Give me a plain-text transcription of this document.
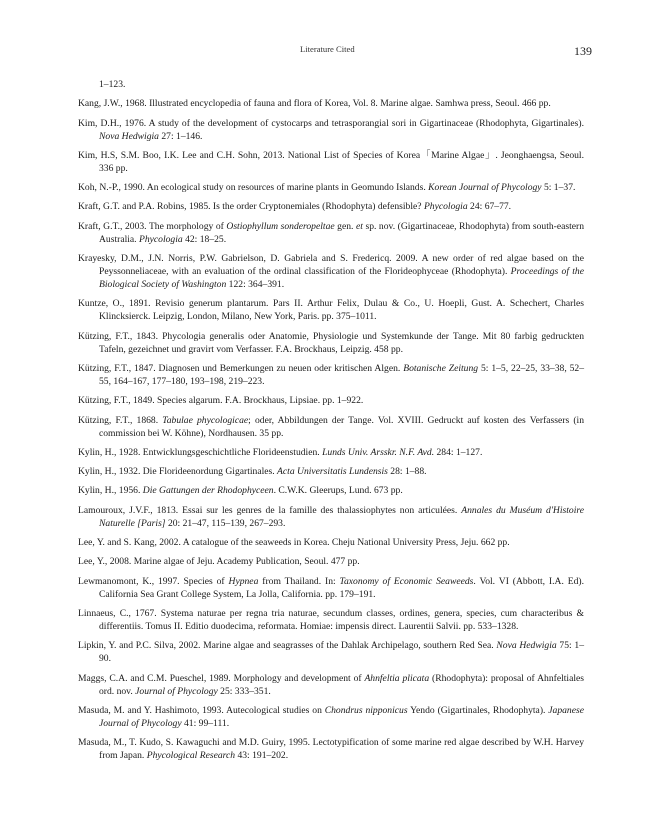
Literature Cited	139
1–123.
Kang, J.W., 1968. Illustrated encyclopedia of fauna and flora of Korea, Vol. 8. Marine algae. Samhwa press, Seoul. 466 pp.
Kim, D.H., 1976. A study of the development of cystocarps and tetrasporangial sori in Gigartinaceae (Rhodophyta, Gigartinales). Nova Hedwigia 27: 1–146.
Kim, H.S, S.M. Boo, I.K. Lee and C.H. Sohn, 2013. National List of Species of Korea「Marine Algae」. Jeonghaengsa, Seoul. 336 pp.
Koh, N.-P., 1990. An ecological study on resources of marine plants in Geomundo Islands. Korean Journal of Phycology 5: 1–37.
Kraft, G.T. and P.A. Robins, 1985. Is the order Cryptonemiales (Rhodophyta) defensible? Phycologia 24: 67–77.
Kraft, G.T., 2003. The morphology of Ostiophyllum sonderopeltae gen. et sp. nov. (Gigartinaceae, Rhodophyta) from south-eastern Australia. Phycologia 42: 18–25.
Krayesky, D.M., J.N. Norris, P.W. Gabrielson, D. Gabriela and S. Fredericq. 2009. A new order of red algae based on the Peyssonneliaceae, with an evaluation of the ordinal classification of the Florideophyceae (Rhodophyta). Proceedings of the Biological Society of Washington 122: 364–391.
Kuntze, O., 1891. Revisio generum plantarum. Pars II. Arthur Felix, Dulau & Co., U. Hoepli, Gust. A. Schechert, Charles Klincksierck. Leipzig, London, Milano, New York, Paris. pp. 375–1011.
Kützing, F.T., 1843. Phycologia generalis oder Anatomie, Physiologie und Systemkunde der Tange. Mit 80 farbig gedruckten Tafeln, gezeichnet und gravirt vom Verfasser. F.A. Brockhaus, Leipzig. 458 pp.
Kützing, F.T., 1847. Diagnosen und Bemerkungen zu neuen oder kritischen Algen. Botanische Zeitung 5: 1–5, 22–25, 33–38, 52–55, 164–167, 177–180, 193–198, 219–223.
Kützing, F.T., 1849. Species algarum. F.A. Brockhaus, Lipsiae. pp. 1–922.
Kützing, F.T., 1868. Tabulae phycologicae; oder, Abbildungen der Tange. Vol. XVIII. Gedruckt auf kosten des Verfassers (in commission bei W. Köhne), Nordhausen. 35 pp.
Kylin, H., 1928. Entwicklungsgeschichtliche Florideenstudien. Lunds Univ. Arsskr. N.F. Avd. 284: 1–127.
Kylin, H., 1932. Die Florideenordung Gigartinales. Acta Universitatis Lundensis 28: 1–88.
Kylin, H., 1956. Die Gattungen der Rhodophyceen. C.W.K. Gleerups, Lund. 673 pp.
Lamouroux, J.V.F., 1813. Essai sur les genres de la famille des thalassiophytes non articulées. Annales du Muséum d'Histoire Naturelle [Paris] 20: 21–47, 115–139, 267–293.
Lee, Y. and S. Kang, 2002. A catalogue of the seaweeds in Korea. Cheju National University Press, Jeju. 662 pp.
Lee, Y., 2008. Marine algae of Jeju. Academy Publication, Seoul. 477 pp.
Lewmanomont, K., 1997. Species of Hypnea from Thailand. In: Taxonomy of Economic Seaweeds. Vol. VI (Abbott, I.A. Ed). California Sea Grant College System, La Jolla, California. pp. 179–191.
Linnaeus, C., 1767. Systema naturae per regna tria naturae, secundum classes, ordines, genera, species, cum characteribus & differentiis. Tomus II. Editio duodecima, reformata. Homiae: impensis direct. Laurentii Salvii. pp. 533–1328.
Lipkin, Y. and P.C. Silva, 2002. Marine algae and seagrasses of the Dahlak Archipelago, southern Red Sea. Nova Hedwigia 75: 1–90.
Maggs, C.A. and C.M. Pueschel, 1989. Morphology and development of Ahnfeltia plicata (Rhodophyta): proposal of Ahnfeltiales ord. nov. Journal of Phycology 25: 333–351.
Masuda, M. and Y. Hashimoto, 1993. Autecological studies on Chondrus nipponicus Yendo (Gigartinales, Rhodophyta). Japanese Journal of Phycology 41: 99–111.
Masuda, M., T. Kudo, S. Kawaguchi and M.D. Guiry, 1995. Lectotypification of some marine red algae described by W.H. Harvey from Japan. Phycological Research 43: 191–202.
